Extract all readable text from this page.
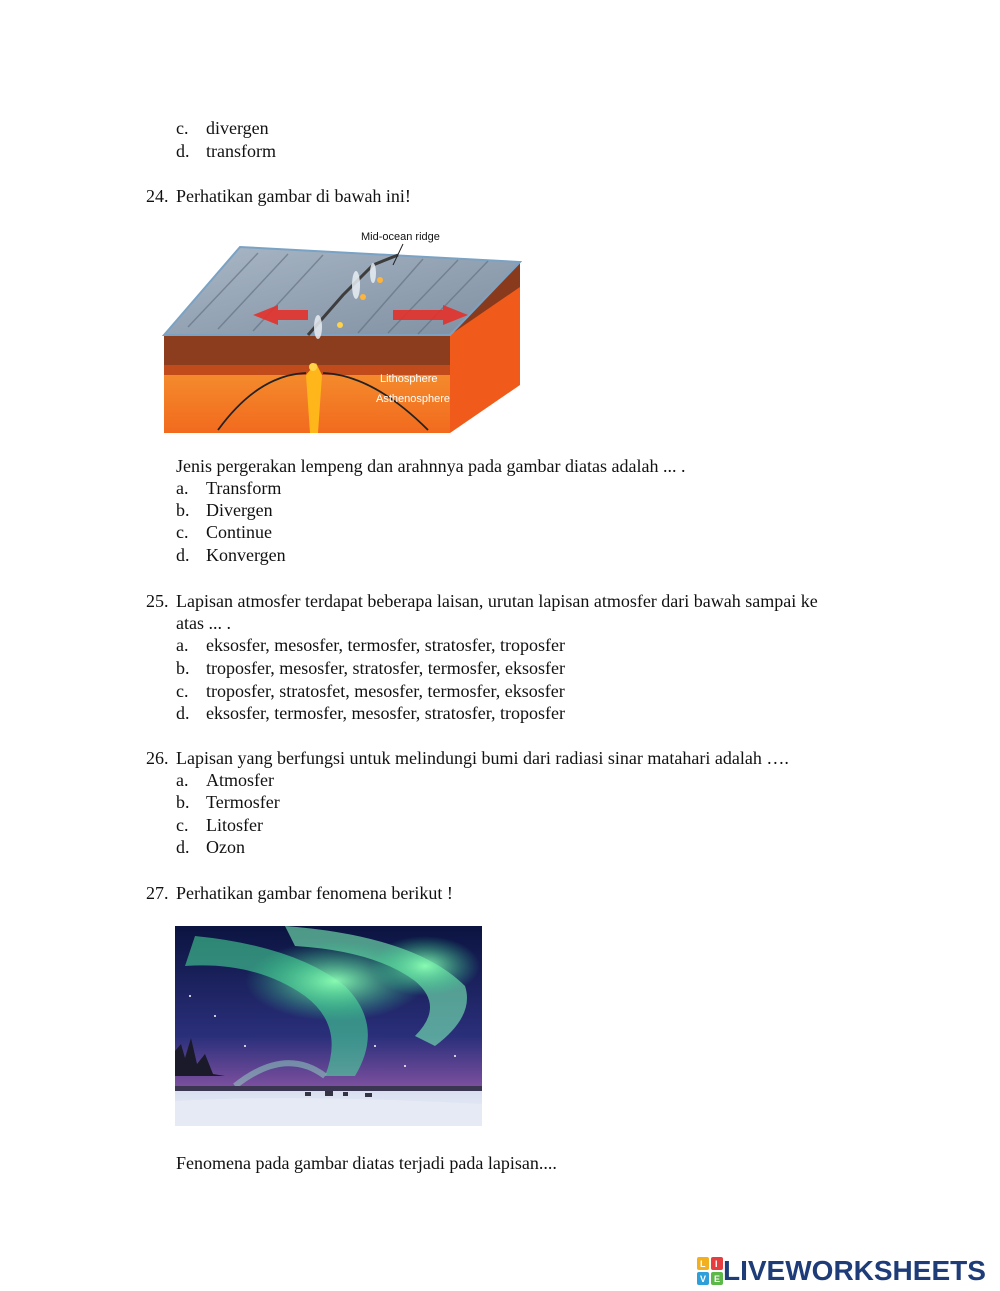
c. divergen
d. transform
24. Perhatikan gambar di bawah ini!
Mid-ocean ridge
Lithosphere
Asthenosphere
Jenis pergerakan lempeng dan arahnnya pada gambar diatas adalah ... .
a. Transform
b. Divergen
c. Continue
d. Konvergen
25. Lapisan atmosfer terdapat beberapa laisan, urutan lapisan atmosfer dari bawah sampai ke
atas ... .
a. eksosfer, mesosfer, termosfer, stratosfer, troposfer
b. troposfer, mesosfer, stratosfer, termosfer, eksosfer
c. troposfer, stratosfet, mesosfer, termosfer, eksosfer
d. eksosfer, termosfer, mesosfer, stratosfer, troposfer
26. Lapisan yang berfungsi untuk melindungi bumi dari radiasi sinar matahari adalah ….
a. Atmosfer
b. Termosfer
c. Litosfer
d. Ozon
27. Perhatikan gambar fenomena berikut !
Fenomena pada gambar diatas terjadi pada lapisan....
L I V E LIVEWORKSHEETS
